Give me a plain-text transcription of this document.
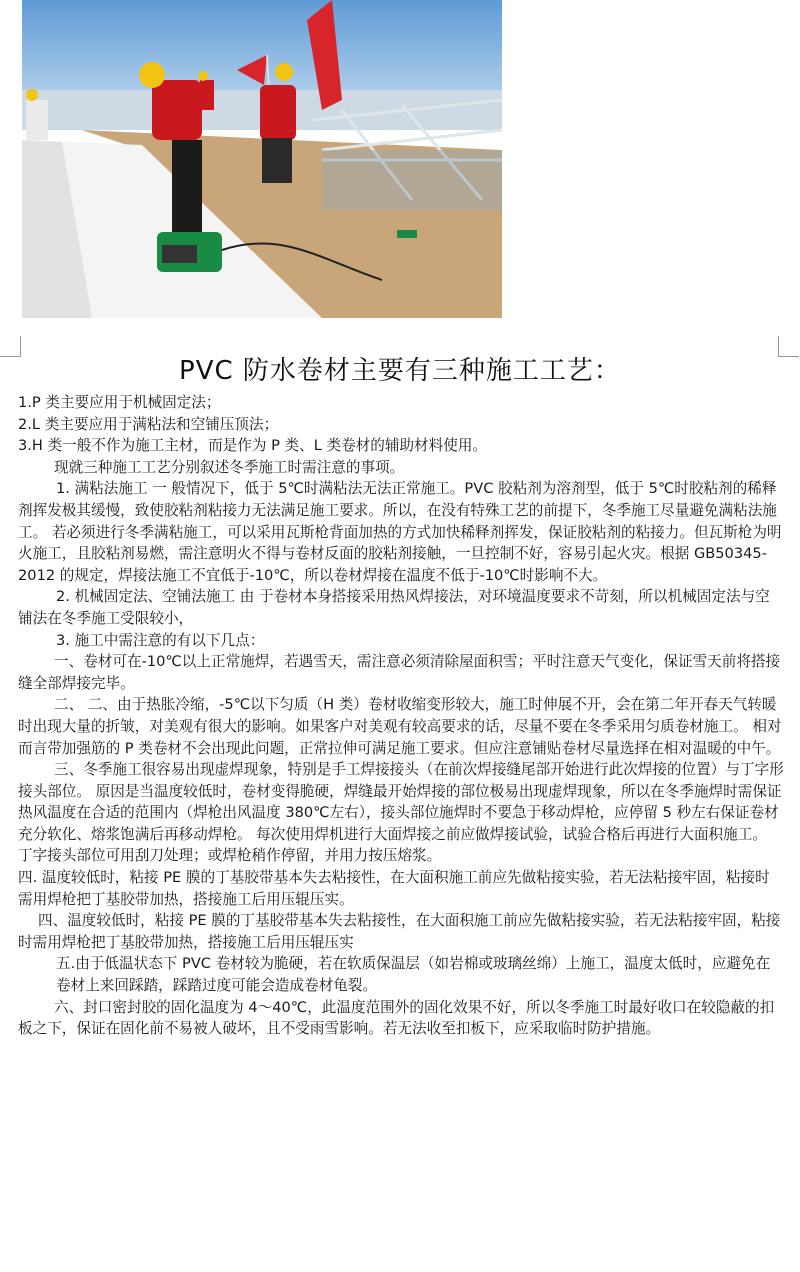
PVC 防水卷材主要有三种施工工艺：

1.P 类主要应用于机械固定法；

2.L 类主要应用于满粘法和空铺压顶法；

3.H 类一般不作为施工主材，而是作为 P 类、L 类卷材的辅助材料使用。

现就三种施工工艺分别叙述冬季施工时需注意的事项。

1. 满粘法施工 一 般情况下，低于 5℃时满粘法无法正常施工。PVC 胶粘剂为溶剂型，低于 5℃时胶粘剂的稀释剂挥发极其缓慢，致使胶粘剂粘接力无法满足施工要求。所以，在没有特殊工艺的前提下，冬季施工尽量避免满粘法施工。 若必须进行冬季满粘施工，可以采用瓦斯枪背面加热的方式加快稀释剂挥发，保证胶粘剂的粘接力。但瓦斯枪为明火施工，且胶粘剂易燃，需注意明火不得与卷材反面的胶粘剂接触，一旦控制不好，容易引起火灾。根据 GB50345-2012 的规定，焊接法施工不宜低于-10℃，所以卷材焊接在温度不低于-10℃时影响不大。

2. 机械固定法、空铺法施工 由 于卷材本身搭接采用热风焊接法，对环境温度要求不苛刻，所以机械固定法与空铺法在冬季施工受限较小，

3. 施工中需注意的有以下几点：

一、卷材可在-10℃以上正常施焊，若遇雪天，需注意必须清除屋面积雪；平时注意天气变化，保证雪天前将搭接缝全部焊接完毕。

二、 二、由于热胀冷缩，-5℃以下匀质（H 类）卷材收缩变形较大，施工时伸展不开，会在第二年开春天气转暖时出现大量的折皱，对美观有很大的影响。如果客户对美观有较高要求的话，尽量不要在冬季采用匀质卷材施工。 相对而言带加强筋的 P 类卷材不会出现此问题，正常拉伸可满足施工要求。但应注意铺贴卷材尽量选择在相对温暖的中午。

三、冬季施工很容易出现虚焊现象，特别是手工焊接接头（在前次焊接缝尾部开始进行此次焊接的位置）与丁字形接头部位。 原因是当温度较低时，卷材变得脆硬，焊缝最开始焊接的部位极易出现虚焊现象，所以在冬季施焊时需保证热风温度在合适的范围内（焊枪出风温度 380℃左右），接头部位施焊时不要急于移动焊枪，应停留 5 秒左右保证卷材充分软化、熔浆饱满后再移动焊枪。 每次使用焊机进行大面焊接之前应做焊接试验，试验合格后再进行大面积施工。 丁字接头部位可用刮刀处理；或焊枪稍作停留，并用力按压熔浆。

四. 温度较低时，粘接 PE 膜的丁基胶带基本失去粘接性，在大面积施工前应先做粘接实验，若无法粘接牢固，粘接时需用焊枪把丁基胶带加热，搭接施工后用压辊压实。

四、温度较低时，粘接 PE 膜的丁基胶带基本失去粘接性，在大面积施工前应先做粘接实验，若无法粘接牢固，粘接时需用焊枪把丁基胶带加热，搭接施工后用压辊压实

五.由于低温状态下 PVC 卷材较为脆硬，若在软质保温层（如岩棉或玻璃丝绵）上施工，温度太低时，应避免在卷材上来回踩踏，踩踏过度可能会造成卷材龟裂。

六、封口密封胶的固化温度为 4～40℃，此温度范围外的固化效果不好，所以冬季施工时最好收口在较隐蔽的扣板之下，保证在固化前不易被人破坏，且不受雨雪影响。若无法收至扣板下，应采取临时防护措施。
